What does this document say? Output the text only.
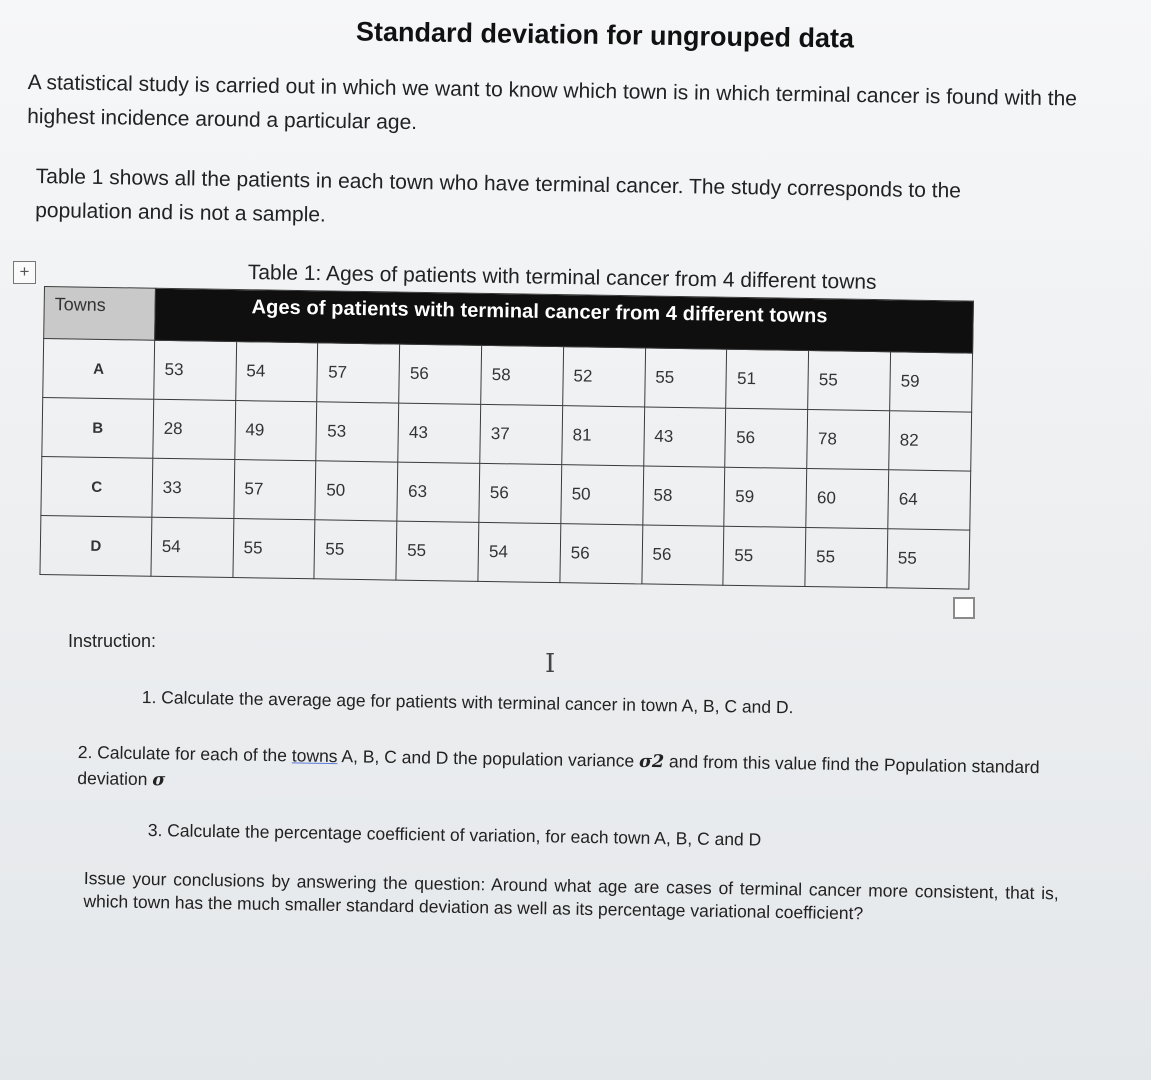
Standard deviation for ungrouped data
A statistical study is carried out in which we want to know which town is in which terminal cancer is found with the highest incidence around a particular age.
Table 1 shows all the patients in each town who have terminal cancer. The study corresponds to the population and is not a sample.
+	Table 1: Ages of patients with terminal cancer from 4 different towns
Towns	Ages of patients with terminal cancer from 4 different towns									
A	53	54	57	56	58	52	55	51	55	59
B	28	49	53	43	37	81	43	56	78	82
C	33	57	50	63	56	50	58	59	60	64
D	54	55	55	55	54	56	56	55	55	55
Instruction:
I
1. Calculate the average age for patients with terminal cancer in town A, B, C and D.
2. Calculate for each of the towns A, B, C and D the population variance σ2 and from this value find the Population standard deviation σ
3. Calculate the percentage coefficient of variation, for each town A, B, C and D
Issue your conclusions by answering the question: Around what age are cases of terminal cancer more consistent, that is, which town has the much smaller standard deviation as well as its percentage variational coefficient?
